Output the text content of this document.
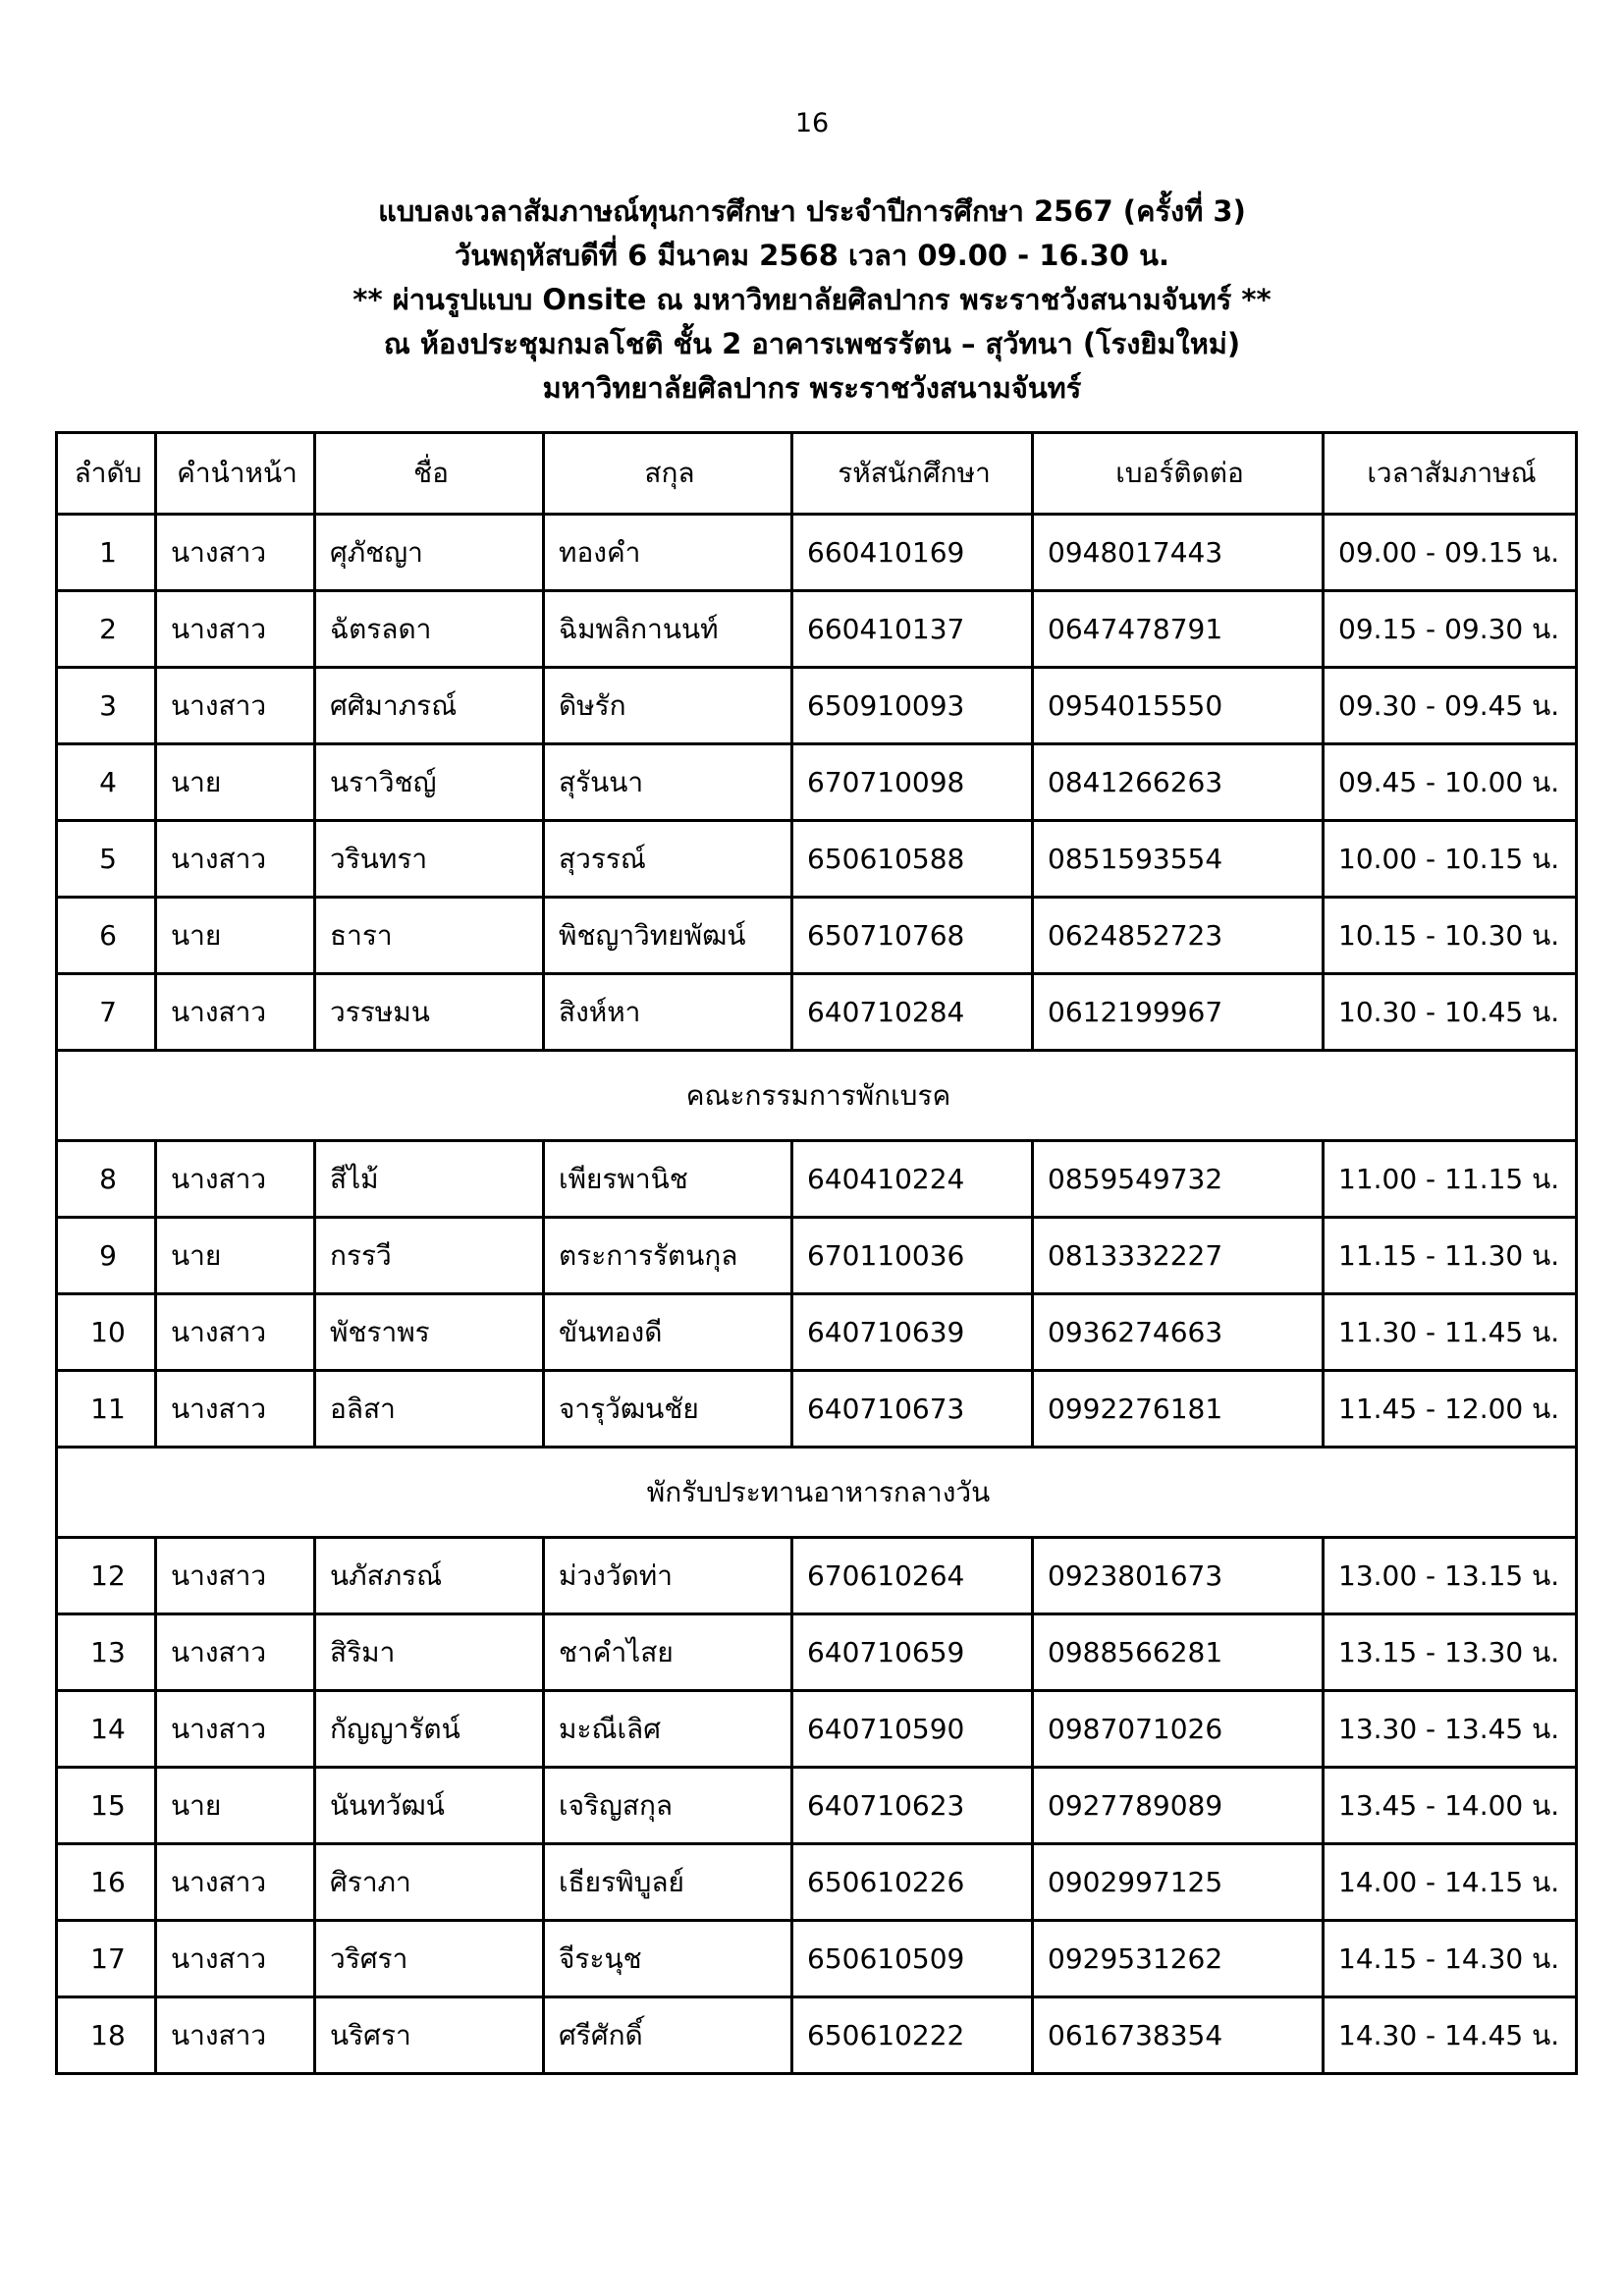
16
แบบลงเวลาสัมภาษณ์ทุนการศึกษา ประจำปีการศึกษา 2567 (ครั้งที่ 3)
วันพฤหัสบดีที่ 6 มีนาคม 2568 เวลา 09.00 - 16.30 น.
** ผ่านรูปแบบ Onsite ณ มหาวิทยาลัยศิลปากร พระราชวังสนามจันทร์ **
ณ ห้องประชุมกมลโชติ ชั้น 2 อาคารเพชรรัตน – สุวัทนา (โรงยิมใหม่)
มหาวิทยาลัยศิลปากร พระราชวังสนามจันทร์
ลำดับ	คำนำหน้า	ชื่อ	สกุล	รหัสนักศึกษา	เบอร์ติดต่อ	เวลาสัมภาษณ์
1	นางสาว	ศุภัชญา	ทองคำ	660410169	0948017443	09.00 - 09.15 น.
2	นางสาว	ฉัตรลดา	ฉิมพลิกานนท์	660410137	0647478791	09.15 - 09.30 น.
3	นางสาว	ศศิมาภรณ์	ดิษรัก	650910093	0954015550	09.30 - 09.45 น.
4	นาย	นราวิชญ์	สุรันนา	670710098	0841266263	09.45 - 10.00 น.
5	นางสาว	วรินทรา	สุวรรณ์	650610588	0851593554	10.00 - 10.15 น.
6	นาย	ธารา	พิชญาวิทยพัฒน์	650710768	0624852723	10.15 - 10.30 น.
7	นางสาว	วรรษมน	สิงห์หา	640710284	0612199967	10.30 - 10.45 น.
คณะกรรมการพักเบรค						
8	นางสาว	สีไม้	เพียรพานิช	640410224	0859549732	11.00 - 11.15 น.
9	นาย	กรรวี	ตระการรัตนกุล	670110036	0813332227	11.15 - 11.30 น.
10	นางสาว	พัชราพร	ขันทองดี	640710639	0936274663	11.30 - 11.45 น.
11	นางสาว	อลิสา	จารุวัฒนชัย	640710673	0992276181	11.45 - 12.00 น.
พักรับประทานอาหารกลางวัน						
12	นางสาว	นภัสภรณ์	ม่วงวัดท่า	670610264	0923801673	13.00 - 13.15 น.
13	นางสาว	สิริมา	ชาคำไสย	640710659	0988566281	13.15 - 13.30 น.
14	นางสาว	กัญญารัตน์	มะณีเลิศ	640710590	0987071026	13.30 - 13.45 น.
15	นาย	นันทวัฒน์	เจริญสกุล	640710623	0927789089	13.45 - 14.00 น.
16	นางสาว	ศิราภา	เธียรพิบูลย์	650610226	0902997125	14.00 - 14.15 น.
17	นางสาว	วริศรา	จีระนุช	650610509	0929531262	14.15 - 14.30 น.
18	นางสาว	นริศรา	ศรีศักดิ์	650610222	0616738354	14.30 - 14.45 น.
